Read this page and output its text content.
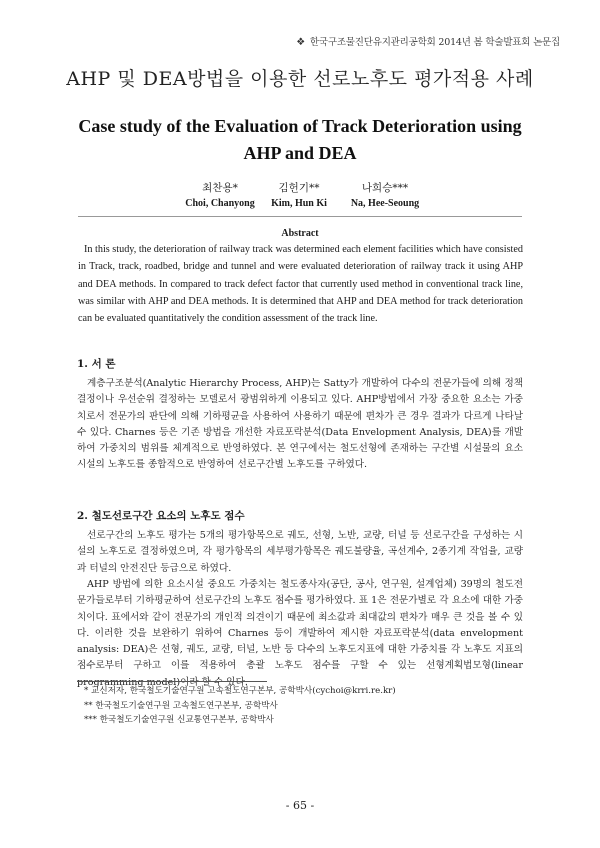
❖ 한국구조물진단유지관리공학회 2014년 봄 학술발표회 논문집
AHP 및 DEA방법을 이용한 선로노후도 평가적용 사례
Case study of the Evaluation of Track Deterioration using AHP and DEA
최찬용*
Choi, Chanyong
김헌기**
Kim, Hun Ki
나희승***
Na, Hee-Seoung
Abstract

In this study, the deterioration of railway track was determined each element facilities which have consisted in Track, track, roadbed, bridge and tunnel and were evaluated deterioration of railway track it using AHP and DEA methods. In compared to track defect factor that currently used method in conventional track line, was similar with AHP and DEA methods. It is determined that AHP and DEA method for track deterioration can be evaluated quantitatively the condition assessment of the track line.

1. 서 론

계층구조분석(Analytic Hierarchy Process, AHP)는 Satty가 개발하여 다수의 전문가들에 의해 정책결정이나 우선순위 결정하는 모델로서 광범위하게 이용되고 있다. AHP방법에서 가장 중요한 요소는 가중치로서 전문가의 판단에 의해 기하평균을 사용하여 사용하기 때문에 편차가 큰 경우 결과가 다르게 나타날 수 있다. Charnes 등은 기존 방법을 개선한 자료포락분석(Data Envelopment Analysis, DEA)를 개발하여 가중치의 범위를 체계적으로 반영하였다. 본 연구에서는 철도선형에 존재하는 구간별 시설물의 요소 시설의 노후도를 종합적으로 반영하여 선로구간별 노후도를 구하였다.

2. 철도선로구간 요소의 노후도 점수

선로구간의 노후도 평가는 5개의 평가항목으로 궤도, 선형, 노반, 교량, 터널 등 선로구간을 구성하는 시설의 노후도로 결정하였으며, 각 평가항목의 세부평가항목은 궤도불량율, 곡선계수, 2종기계 작업율, 교량과 터널의 안전진단 등급으로 하였다.

AHP 방법에 의한 요소시설 중요도 가중치는 철도종사자(공단, 공사, 연구원, 설계업체) 39명의 철도전문가들로부터 기하평균하여 선로구간의 노후도 점수를 평가하였다. 표 1은 전문가별로 각 요소에 대한 가중치이다. 표에서와 같이 전문가의 개인적 의견이기 때문에 최소값과 최대값의 편차가 매우 큰 것을 볼 수 있다. 이러한 것을 보완하기 위하여 Charnes 등이 개발하여 제시한 자료포락분석(data envelopment analysis: DEA)은 선형, 궤도, 교량, 터널, 노반 등 다수의 노후도지표에 대한 가중치를 각 노후도 지표의 점수로부터 구하고 이를 적용하여 총괄 노후도 점수를 구할 수 있는 선형계획법모형(linear programming model)이라 할 수 있다.

* 교신저자, 한국철도기술연구원 고속철도연구본부, 공학박사(cychoi@krri.re.kr)
** 한국철도기술연구원 고속철도연구본부, 공학박사
*** 한국철도기술연구원 신교통연구본부, 공학박사
- 65 -
